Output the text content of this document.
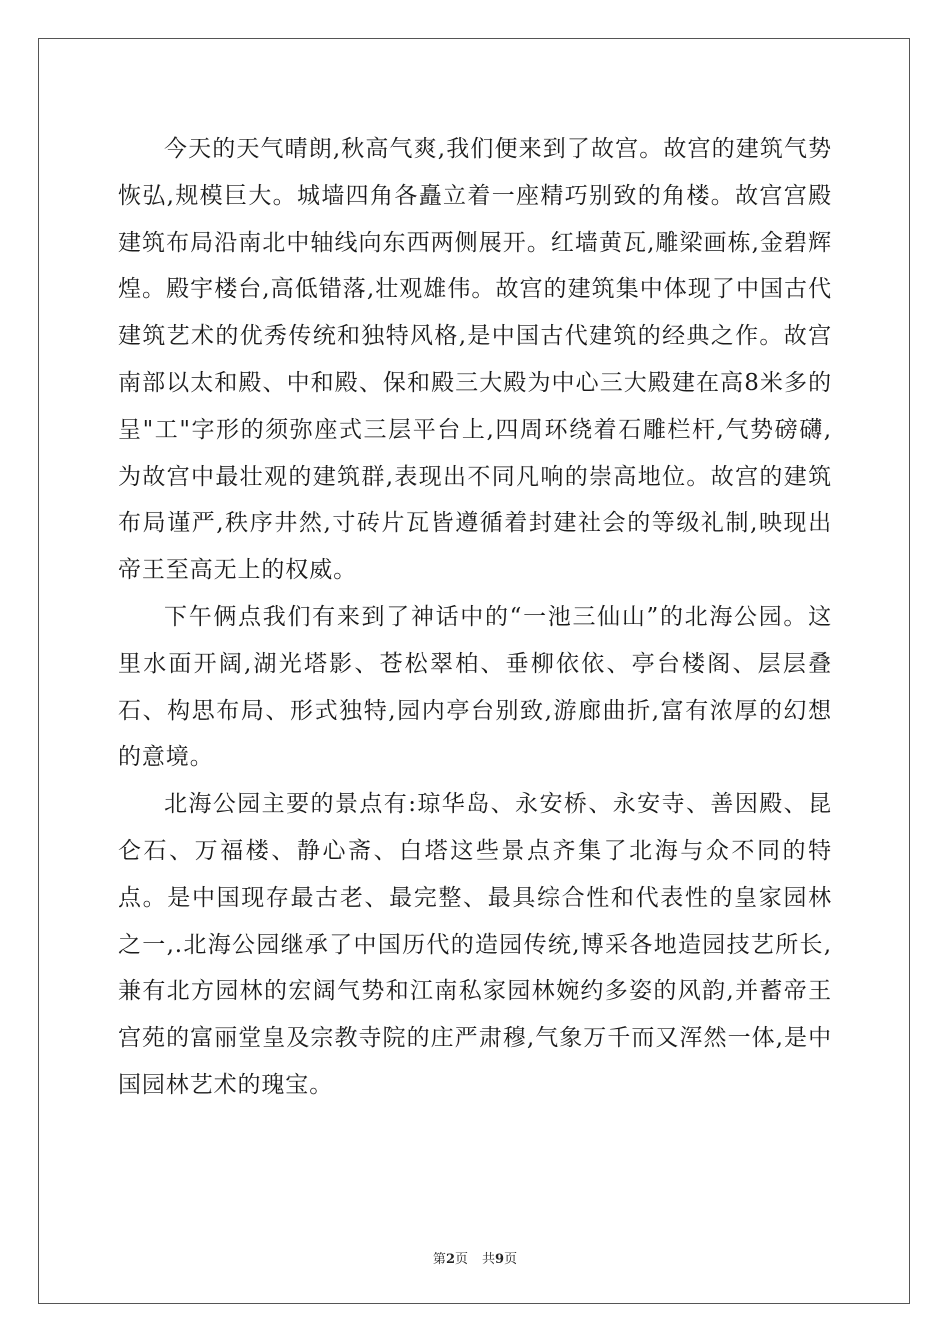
今天的天气晴朗,秋高气爽,我们便来到了故宫。故宫的建筑气势恢弘,规模巨大。城墙四角各矗立着一座精巧别致的角楼。故宫宫殿建筑布局沿南北中轴线向东西两侧展开。红墙黄瓦,雕梁画栋,金碧辉煌。殿宇楼台,高低错落,壮观雄伟。故宫的建筑集中体现了中国古代建筑艺术的优秀传统和独特风格,是中国古代建筑的经典之作。故宫南部以太和殿、中和殿、保和殿三大殿为中心三大殿建在高8米多的呈"工"字形的须弥座式三层平台上,四周环绕着石雕栏杆,气势磅礴,为故宫中最壮观的建筑群,表现出不同凡响的崇高地位。故宫的建筑布局谨严,秩序井然,寸砖片瓦皆遵循着封建社会的等级礼制,映现出帝王至高无上的权威。

下午俩点我们有来到了神话中的“一池三仙山”的北海公园。这里水面开阔,湖光塔影、苍松翠柏、垂柳依依、亭台楼阁、层层叠石、构思布局、形式独特,园内亭台别致,游廊曲折,富有浓厚的幻想的意境。

北海公园主要的景点有:琼华岛、永安桥、永安寺、善因殿、昆仑石、万福楼、静心斋、白塔这些景点齐集了北海与众不同的特点。是中国现存最古老、最完整、最具综合性和代表性的皇家园林之一,.北海公园继承了中国历代的造园传统,博采各地造园技艺所长,兼有北方园林的宏阔气势和江南私家园林婉约多姿的风韵,并蓄帝王宫苑的富丽堂皇及宗教寺院的庄严肃穆,气象万千而又浑然一体,是中国园林艺术的瑰宝。

第2页 共9页
